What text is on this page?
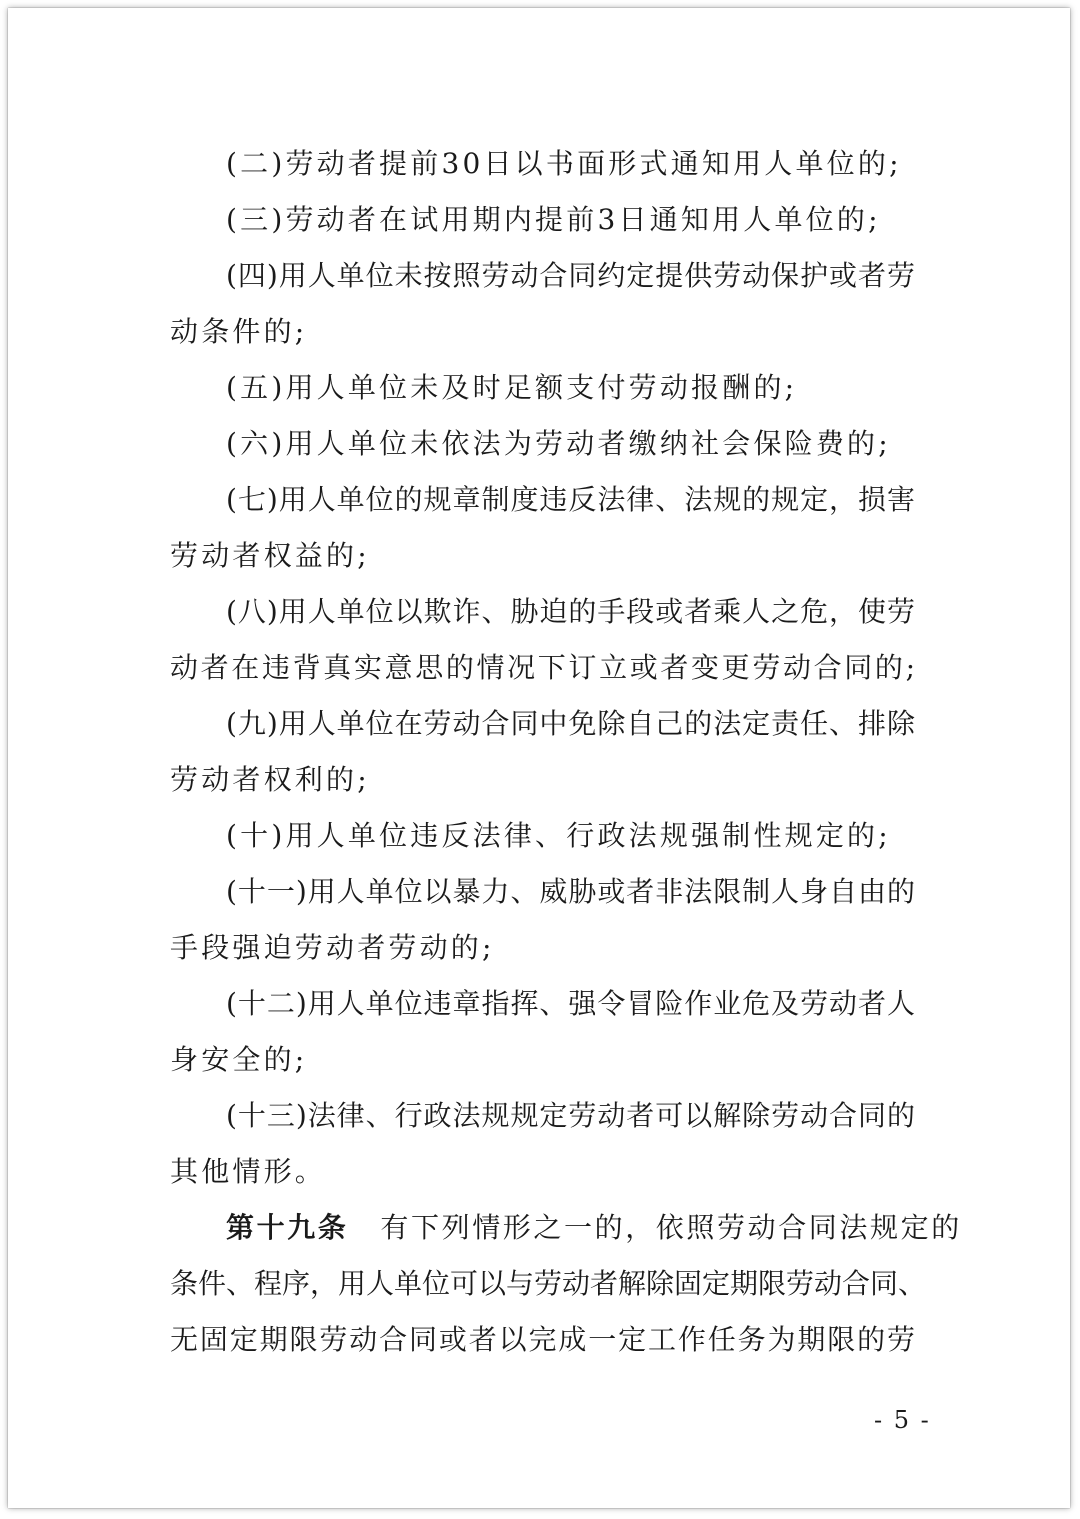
(二)劳动者提前30日以书面形式通知用人单位的;
(三)劳动者在试用期内提前3日通知用人单位的;
(四)用人单位未按照劳动合同约定提供劳动保护或者劳
动条件的;
(五)用人单位未及时足额支付劳动报酬的;
(六)用人单位未依法为劳动者缴纳社会保险费的;
(七)用人单位的规章制度违反法律、法规的规定，损害
劳动者权益的;
(八)用人单位以欺诈、胁迫的手段或者乘人之危，使劳
动者在违背真实意思的情况下订立或者变更劳动合同的;
(九)用人单位在劳动合同中免除自己的法定责任、排除
劳动者权利的;
(十)用人单位违反法律、行政法规强制性规定的;
(十一)用人单位以暴力、威胁或者非法限制人身自由的
手段强迫劳动者劳动的;
(十二)用人单位违章指挥、强令冒险作业危及劳动者人
身安全的;
(十三)法律、行政法规规定劳动者可以解除劳动合同的
其他情形。
第十九条 有下列情形之一的，依照劳动合同法规定的
条件、程序，用人单位可以与劳动者解除固定期限劳动合同、
无固定期限劳动合同或者以完成一定工作任务为期限的劳
- 5 -
